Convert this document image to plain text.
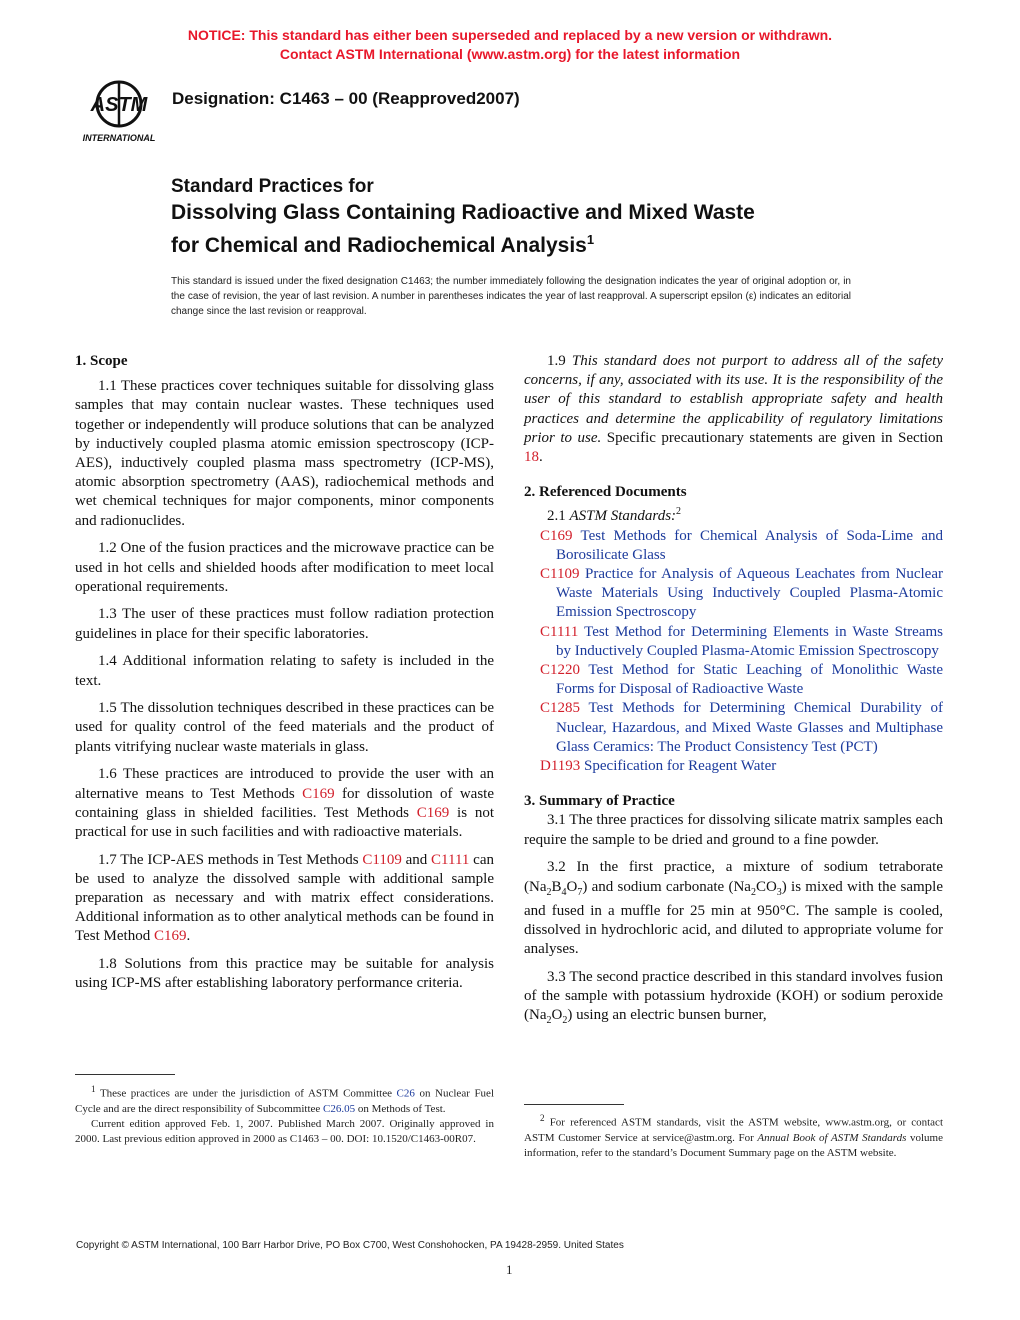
NOTICE: This standard has either been superseded and replaced by a new version or withdrawn.
Contact ASTM International (www.astm.org) for the latest information
ASTM
INTERNATIONAL
Designation: C1463 – 00 (Reapproved2007)
Standard Practices for
Dissolving Glass Containing Radioactive and Mixed Waste
for Chemical and Radiochemical Analysis$^1$
This standard is issued under the fixed designation C1463; the number immediately following the designation indicates the year of original adoption or, in the case of revision, the year of last revision. A number in parentheses indicates the year of last reapproval. A superscript epsilon (ε) indicates an editorial change since the last revision or reapproval.

1. Scope

1.1 These practices cover techniques suitable for dissolving glass samples that may contain nuclear wastes. These techniques used together or independently will produce solutions that can be analyzed by inductively coupled plasma atomic emission spectroscopy (ICP-AES), inductively coupled plasma mass spectrometry (ICP-MS), atomic absorption spectrometry (AAS), radiochemical methods and wet chemical techniques for major components, minor components and radionuclides.

1.2 One of the fusion practices and the microwave practice can be used in hot cells and shielded hoods after modification to meet local operational requirements.

1.3 The user of these practices must follow radiation protection guidelines in place for their specific laboratories.

1.4 Additional information relating to safety is included in the text.

1.5 The dissolution techniques described in these practices can be used for quality control of the feed materials and the product of plants vitrifying nuclear waste materials in glass.

1.6 These practices are introduced to provide the user with an alternative means to Test Methods C169 for dissolution of waste containing glass in shielded facilities. Test Methods C169 is not practical for use in such facilities and with radioactive materials.

1.7 The ICP-AES methods in Test Methods C1109 and C1111 can be used to analyze the dissolved sample with additional sample preparation as necessary and with matrix effect considerations. Additional information as to other analytical methods can be found in Test Method C169.

1.8 Solutions from this practice may be suitable for analysis using ICP-MS after establishing laboratory performance criteria.

$^1$ These practices are under the jurisdiction of ASTM Committee C26 on Nuclear Fuel Cycle and are the direct responsibility of Subcommittee C26.05 on Methods of Test.

Current edition approved Feb. 1, 2007. Published March 2007. Originally approved in 2000. Last previous edition approved in 2000 as C1463 – 00. DOI: 10.1520/C1463-00R07.

1.9 This standard does not purport to address all of the safety concerns, if any, associated with its use. It is the responsibility of the user of this standard to establish appropriate safety and health practices and determine the applicability of regulatory limitations prior to use. Specific precautionary statements are given in Section 18.

2. Referenced Documents

2.1 ASTM Standards:$^2$

C169 Test Methods for Chemical Analysis of Soda-Lime and Borosilicate Glass

C1109 Practice for Analysis of Aqueous Leachates from Nuclear Waste Materials Using Inductively Coupled Plasma-Atomic Emission Spectroscopy

C1111 Test Method for Determining Elements in Waste Streams by Inductively Coupled Plasma-Atomic Emission Spectroscopy

C1220 Test Method for Static Leaching of Monolithic Waste Forms for Disposal of Radioactive Waste

C1285 Test Methods for Determining Chemical Durability of Nuclear, Hazardous, and Mixed Waste Glasses and Multiphase Glass Ceramics: The Product Consistency Test (PCT)

D1193 Specification for Reagent Water

3. Summary of Practice

3.1 The three practices for dissolving silicate matrix samples each require the sample to be dried and ground to a fine powder.

3.2 In the first practice, a mixture of sodium tetraborate $(Na_2B_4O_7)$ and sodium carbonate $(Na_2CO_3)$ is mixed with the sample and fused in a muffle for 25 min at 950°C. The sample is cooled, dissolved in hydrochloric acid, and diluted to appropriate volume for analyses.

3.3 The second practice described in this standard involves fusion of the sample with potassium hydroxide (KOH) or sodium peroxide $(Na_2O_2)$ using an electric bunsen burner,

$^2$ For referenced ASTM standards, visit the ASTM website, www.astm.org, or contact ASTM Customer Service at service@astm.org. For Annual Book of ASTM Standards volume information, refer to the standard’s Document Summary page on the ASTM website.

Copyright © ASTM International, 100 Barr Harbor Drive, PO Box C700, West Conshohocken, PA 19428-2959. United States
1
